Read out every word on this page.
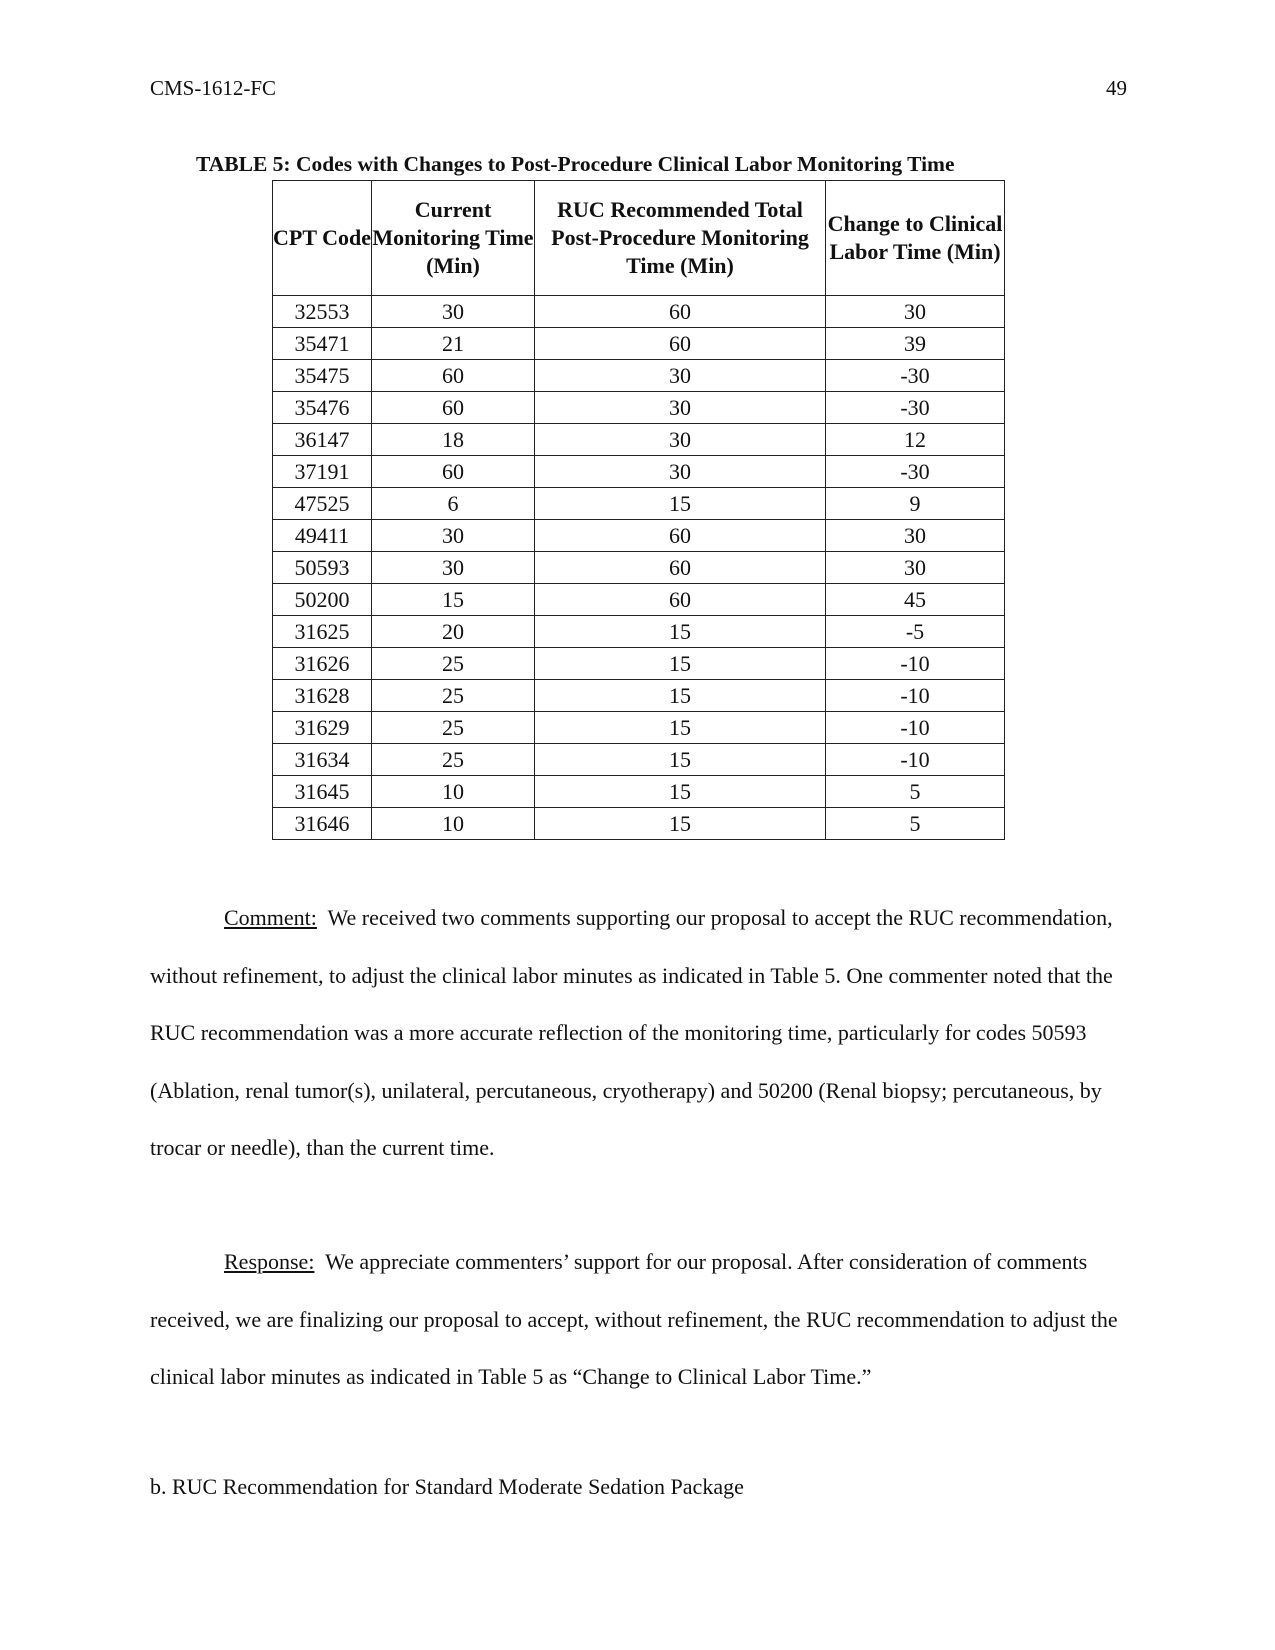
CMS-1612-FC	49
TABLE 5: Codes with Changes to Post-Procedure Clinical Labor Monitoring Time
CPT Code	Current Monitoring Time (Min)	RUC Recommended Total Post-Procedure Monitoring Time (Min)	Change to Clinical Labor Time (Min)
32553	30	60	30
35471	21	60	39
35475	60	30	-30
35476	60	30	-30
36147	18	30	12
37191	60	30	-30
47525	6	15	9
49411	30	60	30
50593	30	60	30
50200	15	60	45
31625	20	15	-5
31626	25	15	-10
31628	25	15	-10
31629	25	15	-10
31634	25	15	-10
31645	10	15	5
31646	10	15	5
Comment: We received two comments supporting our proposal to accept the RUC recommendation, without refinement, to adjust the clinical labor minutes as indicated in Table 5. One commenter noted that the RUC recommendation was a more accurate reflection of the monitoring time, particularly for codes 50593 (Ablation, renal tumor(s), unilateral, percutaneous, cryotherapy) and 50200 (Renal biopsy; percutaneous, by trocar or needle), than the current time.
Response: We appreciate commenters’ support for our proposal. After consideration of comments received, we are finalizing our proposal to accept, without refinement, the RUC recommendation to adjust the clinical labor minutes as indicated in Table 5 as “Change to Clinical Labor Time.”
b. RUC Recommendation for Standard Moderate Sedation Package
